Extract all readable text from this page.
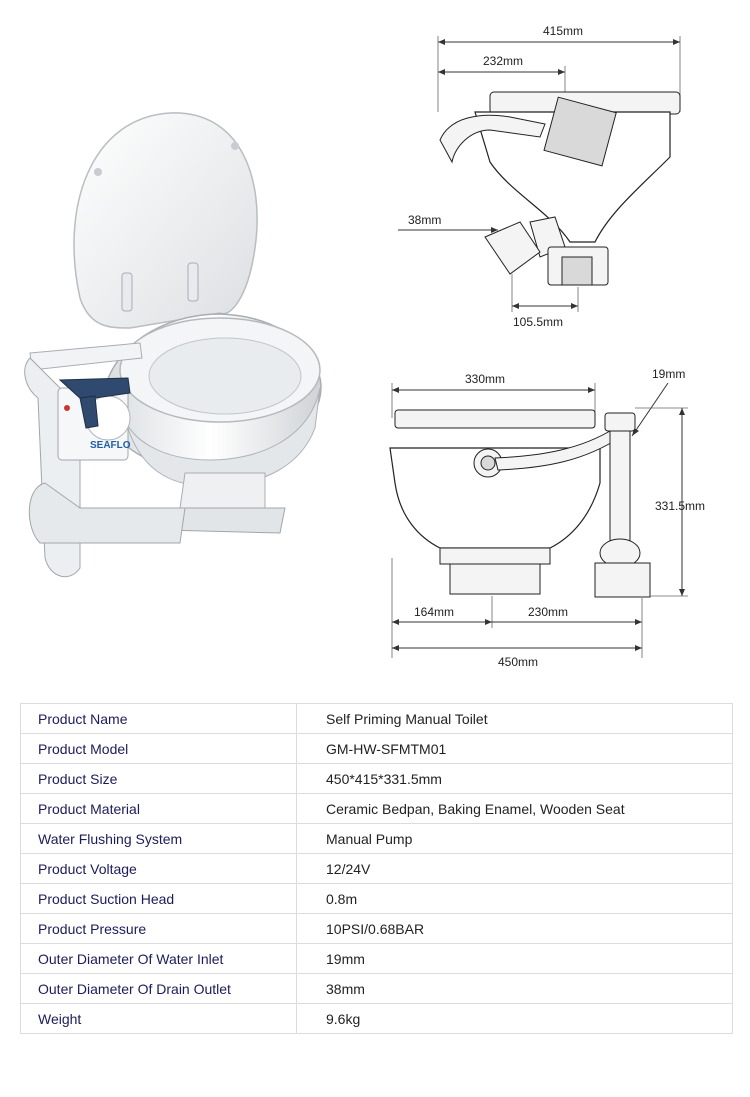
SEAFLO
415mm
232mm
38mm
105.5mm
330mm	19mm
331.5mm
164mm	230mm
450mm
Product Name	Self Priming Manual Toilet
Product Model	GM-HW-SFMTM01
Product Size	450*415*331.5mm
Product Material	Ceramic Bedpan, Baking Enamel, Wooden Seat
Water Flushing System	Manual Pump
Product Voltage	12/24V
Product Suction Head	0.8m
Product Pressure	10PSI/0.68BAR
Outer Diameter Of Water Inlet	19mm
Outer Diameter Of Drain Outlet	38mm
Weight	9.6kg
